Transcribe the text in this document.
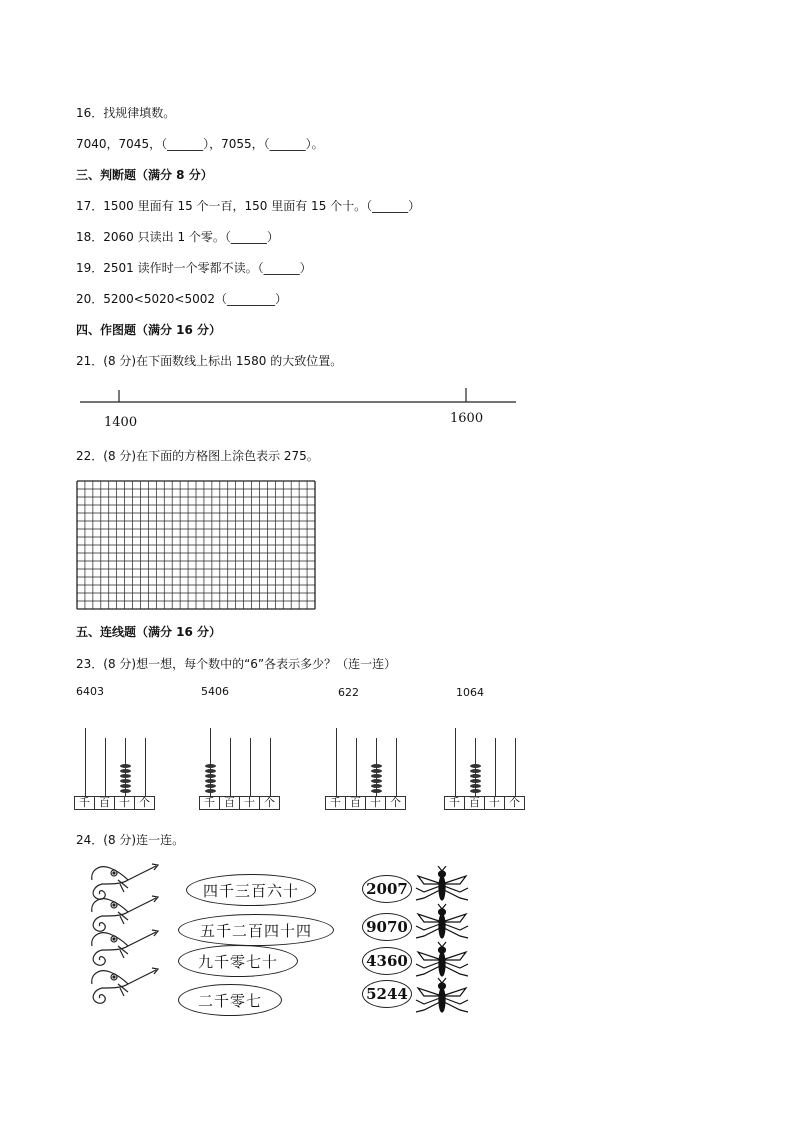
16．找规律填数。
7040，7045，（______），7055，（______）。
三、判断题（满分 8 分）
17．1500 里面有 15 个一百，150 里面有 15 个十。（______）
18．2060 只读出 1 个零。（______）
19．2501 读作时一个零都不读。（______）
20．5200<5020<5002（________）
四、作图题（满分 16 分）
21．(8 分)在下面数线上标出 1580 的大致位置。
1400	1600
22．(8 分)在下面的方格图上涂色表示 275。
五、连线题（满分 16 分）
23．(8 分)想一想，每个数中的“6”各表示多少？（连一连）
6403	5406	622	1064
千 百 十 个	千 百 十 个	千 百 十 个	千 百 十 个
24．(8 分)连一连。
四千三百六十
五千二百四十四
九千零七十
二千零七
2007
9070
4360
5244
